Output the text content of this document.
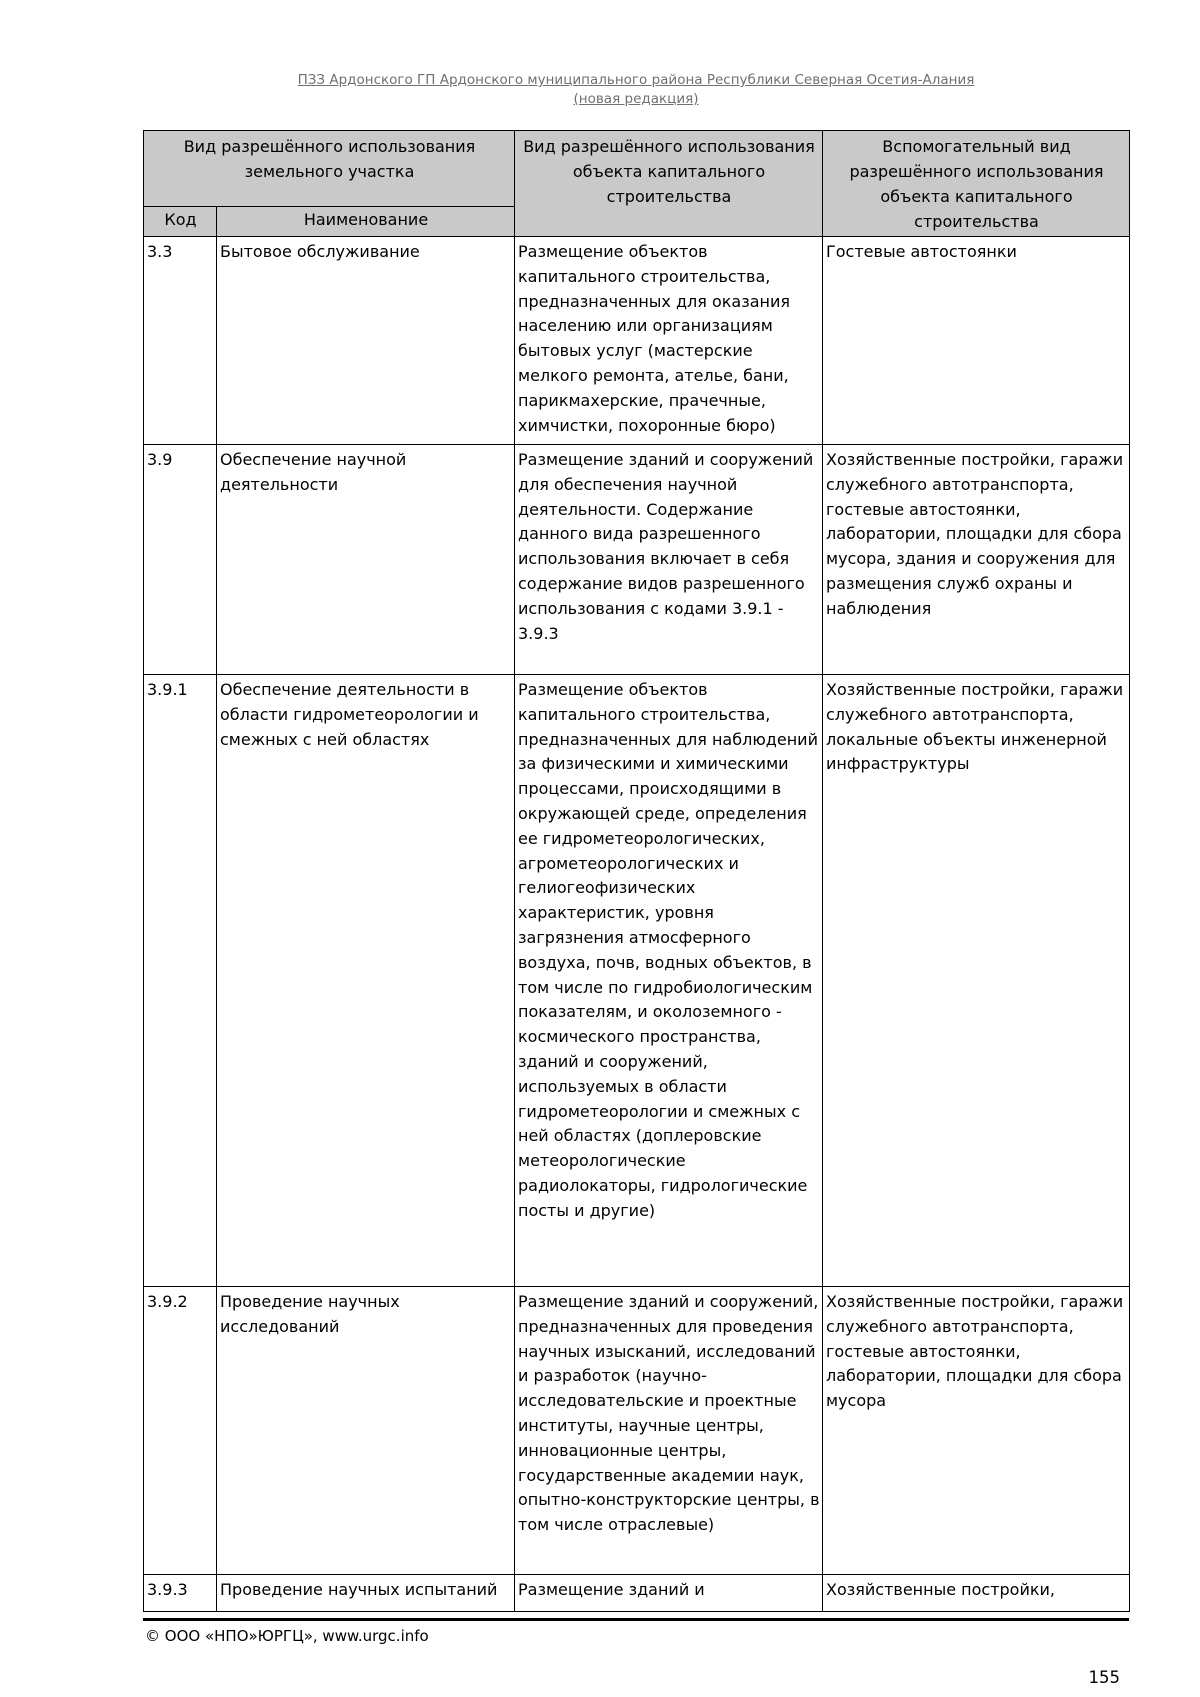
ПЗЗ Ардонского ГП Ардонского муниципального района Республики Северная Осетия-Алания
(новая редакция)
Вид разрешённого использования земельного участка		Вид разрешённого использования объекта капитального строительства	Вспомогательный вид разрешённого использования объекта капитального строительства
Код	Наименование		
3.3	Бытовое обслуживание	Размещение объектов капитального строительства, предназначенных для оказания населению или организациям бытовых услуг (мастерские мелкого ремонта, ателье, бани, парикмахерские, прачечные, химчистки, похоронные бюро)	Гостевые автостоянки
3.9	Обеспечение научной деятельности	Размещение зданий и сооружений для обеспечения научной деятельности. Содержание данного вида разрешенного использования включает в себя содержание видов разрешенного использования с кодами 3.9.1 - 3.9.3	Хозяйственные постройки, гаражи служебного автотранспорта, гостевые автостоянки, лаборатории, площадки для сбора мусора, здания и сооружения для размещения служб охраны и наблюдения
3.9.1	Обеспечение деятельности в области гидрометеорологии и смежных с ней областях	Размещение объектов капитального строительства, предназначенных для наблюдений за физическими и химическими процессами, происходящими в окружающей среде, определения ее гидрометеорологических, агрометеорологических и гелиогеофизических характеристик, уровня загрязнения атмосферного воздуха, почв, водных объектов, в том числе по гидробиологическим показателям, и околоземного - космического пространства, зданий и сооружений, используемых в области гидрометеорологии и смежных с ней областях (доплеровские метеорологические радиолокаторы, гидрологические посты и другие)	Хозяйственные постройки, гаражи служебного автотранспорта, локальные объекты инженерной инфраструктуры
3.9.2	Проведение научных исследований	Размещение зданий и сооружений, предназначенных для проведения научных изысканий, исследований и разработок (научно-исследовательские и проектные институты, научные центры, инновационные центры, государственные академии наук, опытно-конструкторские центры, в том числе отраслевые)	Хозяйственные постройки, гаражи служебного автотранспорта, гостевые автостоянки, лаборатории, площадки для сбора мусора
3.9.3	Проведение научных испытаний	Размещение зданий и	Хозяйственные постройки,
© ООО «НПО»ЮРГЦ», www.urgc.info
155
